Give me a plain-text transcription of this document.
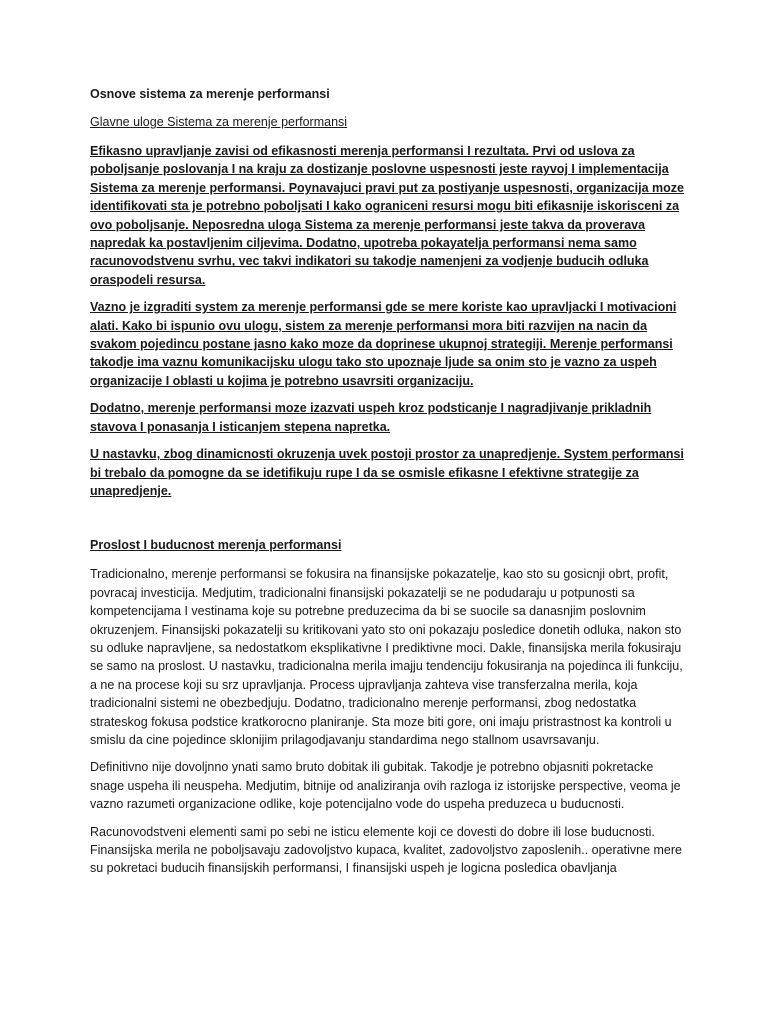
Osnove sistema za merenje performansi
Glavne uloge Sistema za merenje performansi

Efikasno upravljanje zavisi od efikasnosti merenja performansi I rezultata. Prvi od uslova za poboljsanje poslovanja I na kraju za dostizanje poslovne uspesnosti jeste rayvoj I implementacija Sistema za merenje performansi. Poynavajuci pravi put za postiyanje uspesnosti, organizacija moze identifikovati sta je potrebno poboljsati I kako ograniceni resursi mogu biti efikasnije iskorisceni za ovo poboljsanje. Neposredna uloga Sistema za merenje performansi jeste takva da proverava napredak ka postavljenim ciljevima. Dodatno, upotreba pokayatelja performansi nema samo racunovodstvenu svrhu, vec takvi indikatori su takodje namenjeni za vodjenje buducih odluka oraspodeli resursa.

Vazno je izgraditi system za merenje performansi gde se mere koriste kao upravljacki I motivacioni alati. Kako bi ispunio ovu ulogu, sistem za merenje performansi mora biti razvijen na nacin da svakom pojedincu postane jasno kako moze da doprinese ukupnoj strategiji. Merenje performansi takodje ima vaznu komunikacijsku ulogu tako sto upoznaje ljude sa onim sto je vazno za uspeh organizacije I oblasti u kojima je potrebno usavrsiti organizaciju.

Dodatno, merenje performansi moze izazvati uspeh kroz podsticanje I nagradjivanje prikladnih stavova I ponasanja I isticanjem stepena napretka.

U nastavku, zbog dinamicnosti okruzenja uvek postoji prostor za unapredjenje. System performansi bi trebalo da pomogne da se idetifikuju rupe I da se osmisle efikasne I efektivne strategije za unapredjenje.

Proslost I buducnost merenja performansi

Tradicionalno, merenje performansi se fokusira na finansijske pokazatelje, kao sto su gosicnji obrt, profit, povracaj investicija. Medjutim, tradicionalni finansijski pokazatelji se ne podudaraju u potpunosti sa kompetencijama I vestinama koje su potrebne preduzecima da bi se suocile sa danasnjim poslovnim okruzenjem. Finansijski pokazatelji su kritikovani yato sto oni pokazaju posledice donetih odluka, nakon sto su odluke napravljene, sa nedostatkom eksplikativne I prediktivne moci. Dakle, finansijska merila fokusiraju se samo na proslost. U nastavku, tradicionalna merila imajju tendenciju fokusiranja na pojedinca ili funkciju, a ne na procese koji su srz upravljanja. Process ujpravljanja zahteva vise transferzalna merila, koja tradicionalni sistemi ne obezbedjuju. Dodatno, tradicionalno merenje performansi, zbog nedostatka strateskog fokusa podstice kratkorocno planiranje. Sta moze biti gore, oni imaju pristrastnost ka kontroli u smislu da cine pojedince sklonijim prilagodjavanju standardima nego stallnom usavrsavanju.

Definitivno nije dovoljnno ynati samo bruto dobitak ili gubitak. Takodje je potrebno objasniti pokretacke snage uspeha ili neuspeha. Medjutim, bitnije od analiziranja ovih razloga iz istorijske perspective, veoma je vazno razumeti organizacione odlike, koje potencijalno vode do uspeha preduzeca u buducnosti.

Racunovodstveni elementi sami po sebi ne isticu elemente koji ce dovesti do dobre ili lose buducnosti. Finansijska merila ne poboljsavaju zadovoljstvo kupaca, kvalitet, zadovoljstvo zaposlenih.. operativne mere su pokretaci buducih finansijskih performansi, I finansijski uspeh je logicna posledica obavljanja
